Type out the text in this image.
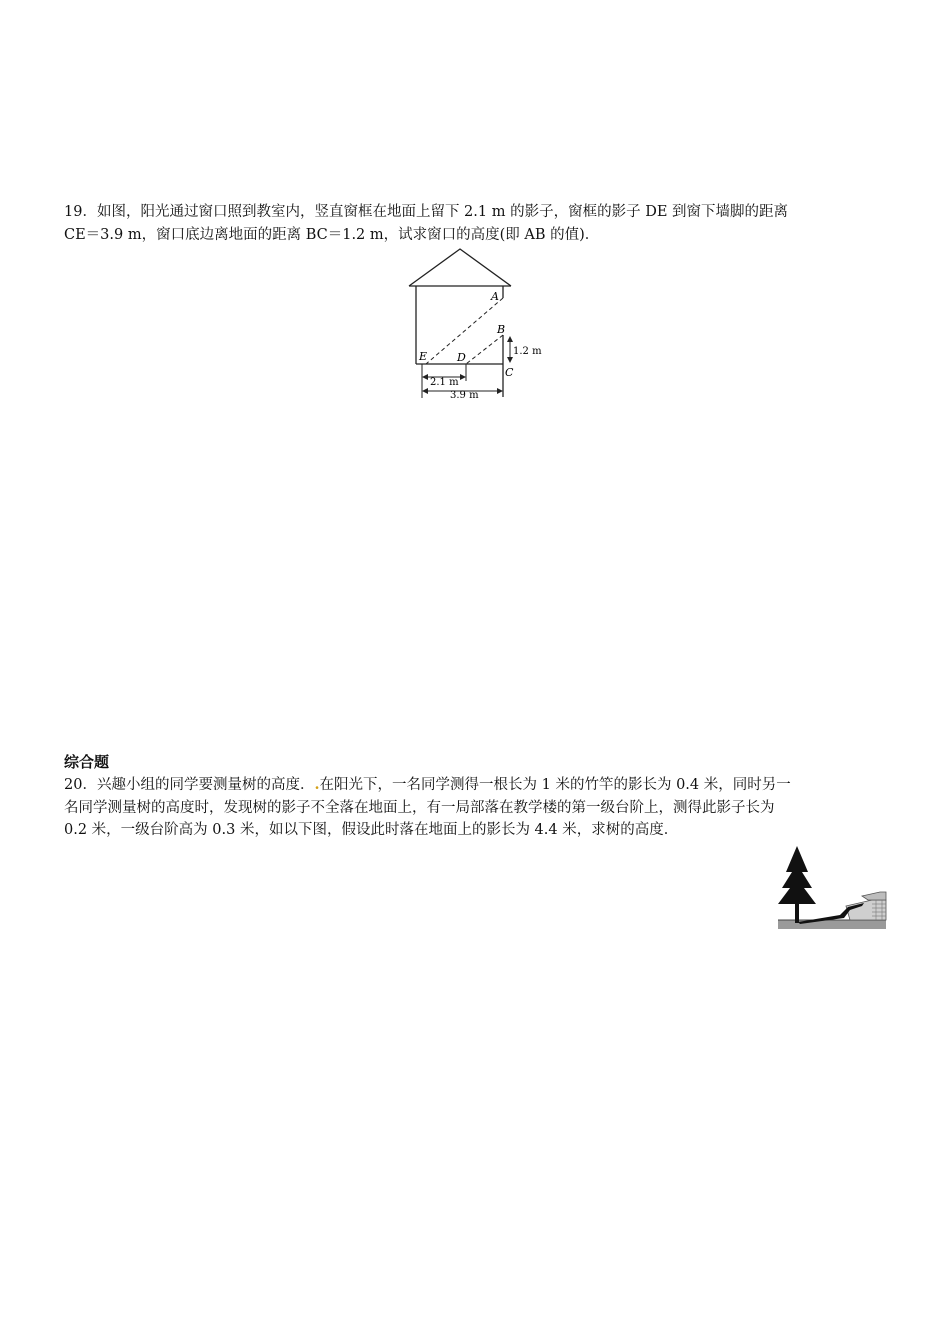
19．如图，阳光通过窗口照到教室内，竖直窗框在地面上留下 2.1 m 的影子，窗框的影子 DE 到窗下墙脚的距离
CE＝3.9 m，窗口底边离地面的距离 BC＝1.2 m，试求窗口的高度(即 AB 的值)．
A
B
C
D
E	1.2 m
2.1 m
3.9 m
综合题
20．兴趣小组的同学要测量树的高度．.在阳光下，一名同学测得一根长为 1 米的竹竿的影长为 0.4 米，同时另一
名同学测量树的高度时，发现树的影子不全落在地面上，有一局部落在教学楼的第一级台阶上，测得此影子长为
0.2 米，一级台阶高为 0.3 米，如以下图，假设此时落在地面上的影长为 4.4 米，求树的高度．
